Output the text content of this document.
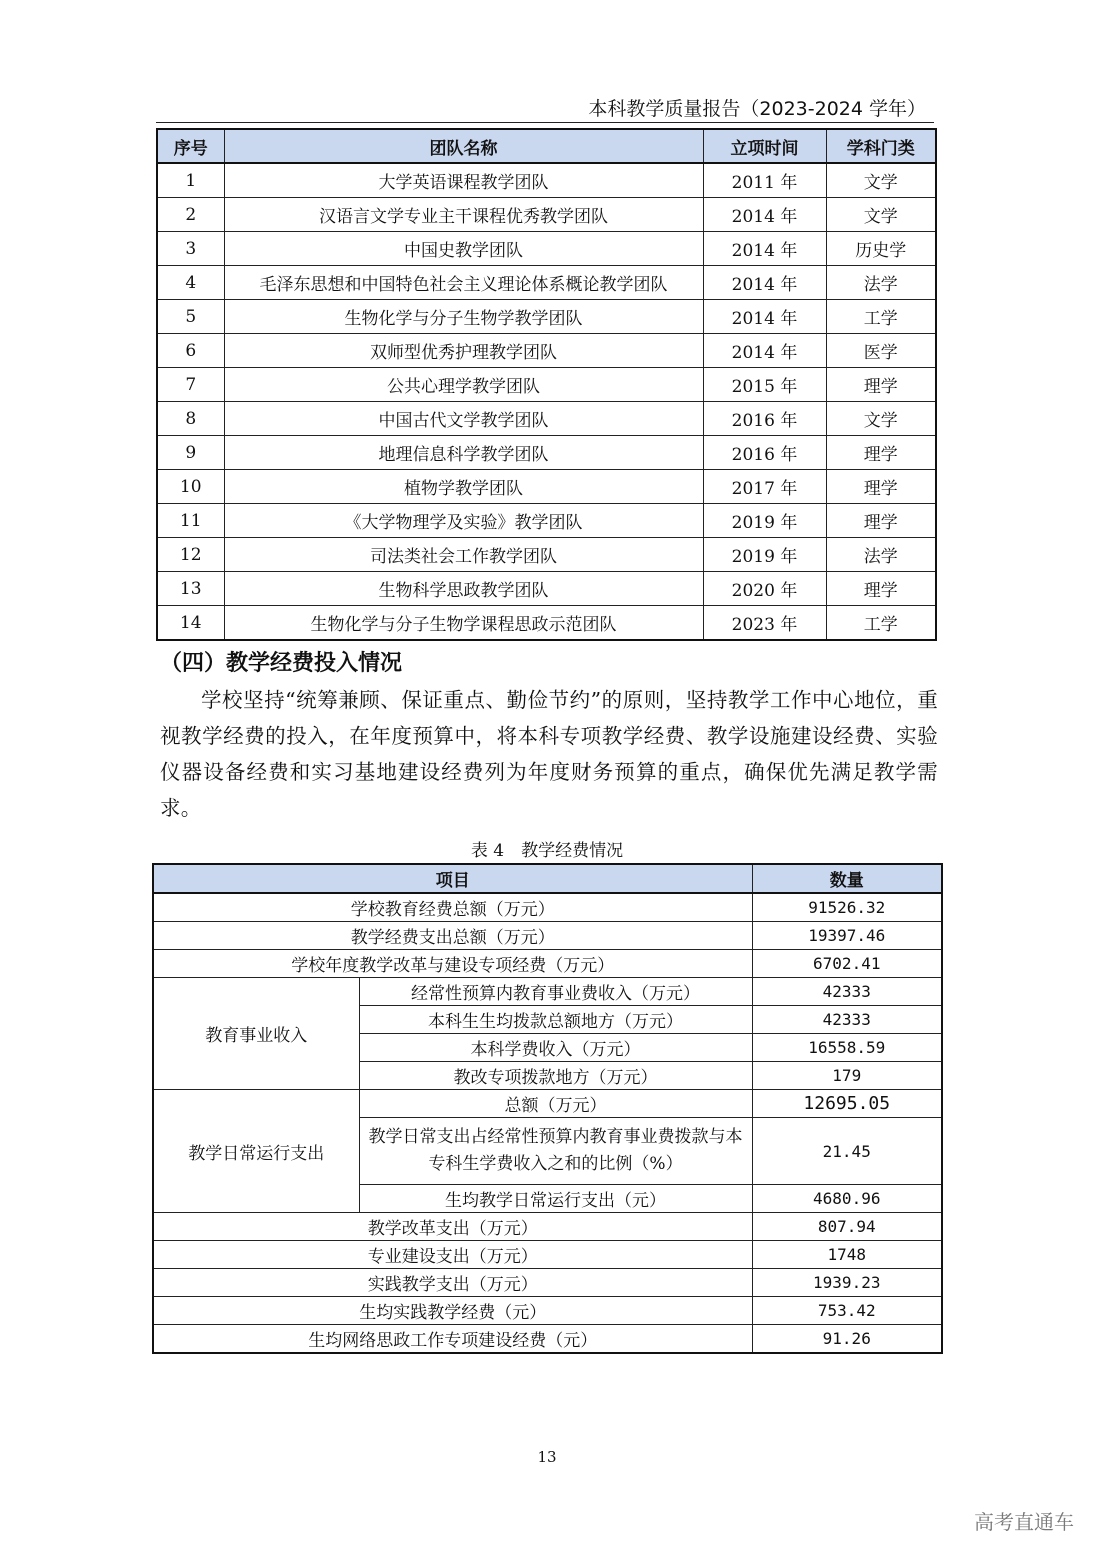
本科教学质量报告（2023-2024 学年）
序号	团队名称	立项时间	学科门类
1	大学英语课程教学团队	2011 年	文学
2	汉语言文学专业主干课程优秀教学团队	2014 年	文学
3	中国史教学团队	2014 年	历史学
4	毛泽东思想和中国特色社会主义理论体系概论教学团队	2014 年	法学
5	生物化学与分子生物学教学团队	2014 年	工学
6	双师型优秀护理教学团队	2014 年	医学
7	公共心理学教学团队	2015 年	理学
8	中国古代文学教学团队	2016 年	文学
9	地理信息科学教学团队	2016 年	理学
10	植物学教学团队	2017 年	理学
11	《大学物理学及实验》教学团队	2019 年	理学
12	司法类社会工作教学团队	2019 年	法学
13	生物科学思政教学团队	2020 年	理学
14	生物化学与分子生物学课程思政示范团队	2023 年	工学
（四）教学经费投入情况
学校坚持“统筹兼顾、保证重点、勤俭节约”的原则，坚持教学工作中心地位，重视教学经费的投入，在年度预算中，将本科专项教学经费、教学设施建设经费、实验仪器设备经费和实习基地建设经费列为年度财务预算的重点，确保优先满足教学需求。
表 4　教学经费情况
项目		数量
学校教育经费总额（万元）		91526.32
教学经费支出总额（万元）		19397.46
学校年度教学改革与建设专项经费（万元）		6702.41
教育事业收入	经常性预算内教育事业费收入（万元）	42333
	本科生生均拨款总额地方（万元）	42333
	本科学费收入（万元）	16558.59
	教改专项拨款地方（万元）	179
教学日常运行支出	总额（万元）	12695.05
	教学日常支出占经常性预算内教育事业费拨款与本专科生学费收入之和的比例（%）	21.45
	生均教学日常运行支出（元）	4680.96
教学改革支出（万元）		807.94
专业建设支出（万元）		1748
实践教学支出（万元）		1939.23
生均实践教学经费（元）		753.42
生均网络思政工作专项建设经费（元）		91.26
13
高考直通车
